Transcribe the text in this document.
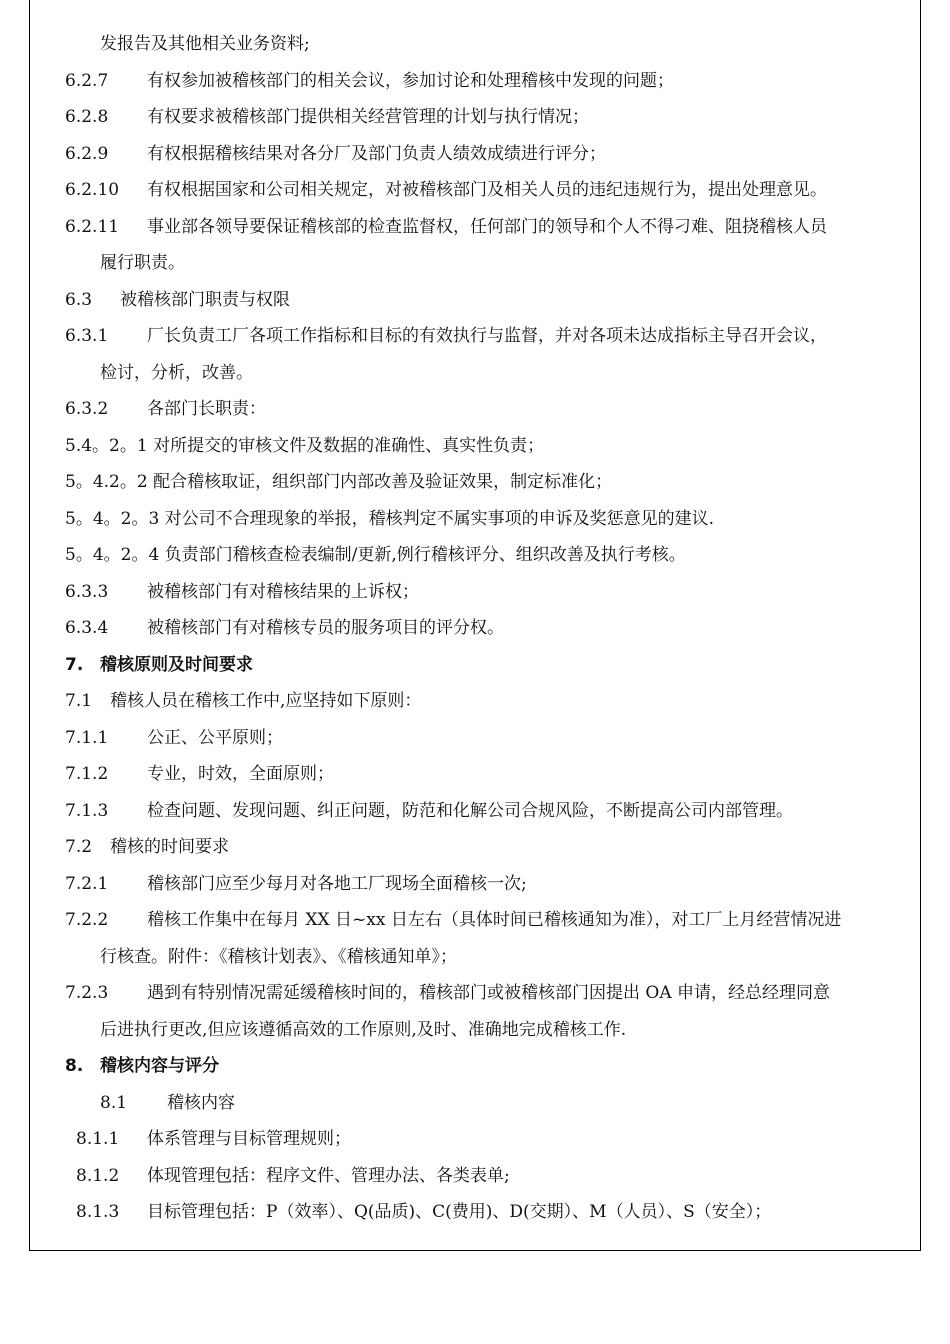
发报告及其他相关业务资料;
6.2.7 有权参加被稽核部门的相关会议，参加讨论和处理稽核中发现的问题；
6.2.8 有权要求被稽核部门提供相关经营管理的计划与执行情况；
6.2.9 有权根据稽核结果对各分厂及部门负责人绩效成绩进行评分；
6.2.10 有权根据国家和公司相关规定，对被稽核部门及相关人员的违纪违规行为，提出处理意见。
6.2.11 事业部各领导要保证稽核部的检查监督权，任何部门的领导和个人不得刁难、阻挠稽核人员
履行职责。
6.3 被稽核部门职责与权限
6.3.1 厂长负责工厂各项工作指标和目标的有效执行与监督，并对各项未达成指标主导召开会议，
检讨，分析，改善。
6.3.2 各部门长职责：
5.4。2。1 对所提交的审核文件及数据的准确性、真实性负责；
5。4.2。2 配合稽核取证，组织部门内部改善及验证效果，制定标准化；
5。4。2。3 对公司不合理现象的举报，稽核判定不属实事项的申诉及奖惩意见的建议.
5。4。2。4 负责部门稽核查检表编制/更新,例行稽核评分、组织改善及执行考核。
6.3.3 被稽核部门有对稽核结果的上诉权；
6.3.4 被稽核部门有对稽核专员的服务项目的评分权。
7. 稽核原则及时间要求
7.1 稽核人员在稽核工作中,应坚持如下原则：
7.1.1 公正、公平原则；
7.1.2 专业，时效，全面原则；
7.1.3 检查问题、发现问题、纠正问题，防范和化解公司合规风险，不断提高公司内部管理。
7.2 稽核的时间要求
7.2.1 稽核部门应至少每月对各地工厂现场全面稽核一次;
7.2.2 稽核工作集中在每月 XX 日~xx 日左右（具体时间已稽核通知为准），对工厂上月经营情况进
行核查。附件：《稽核计划表》、《稽核通知单》；
7.2.3 遇到有特别情况需延缓稽核时间的，稽核部门或被稽核部门因提出 OA 申请，经总经理同意
后进执行更改,但应该遵循高效的工作原则,及时、准确地完成稽核工作.
8. 稽核内容与评分
8.1 稽核内容
8.1.1 体系管理与目标管理规则；
8.1.2 体现管理包括：程序文件、管理办法、各类表单;
8.1.3 目标管理包括：P（效率）、Q(品质)、C(费用)、D(交期）、M（人员）、S（安全）；
